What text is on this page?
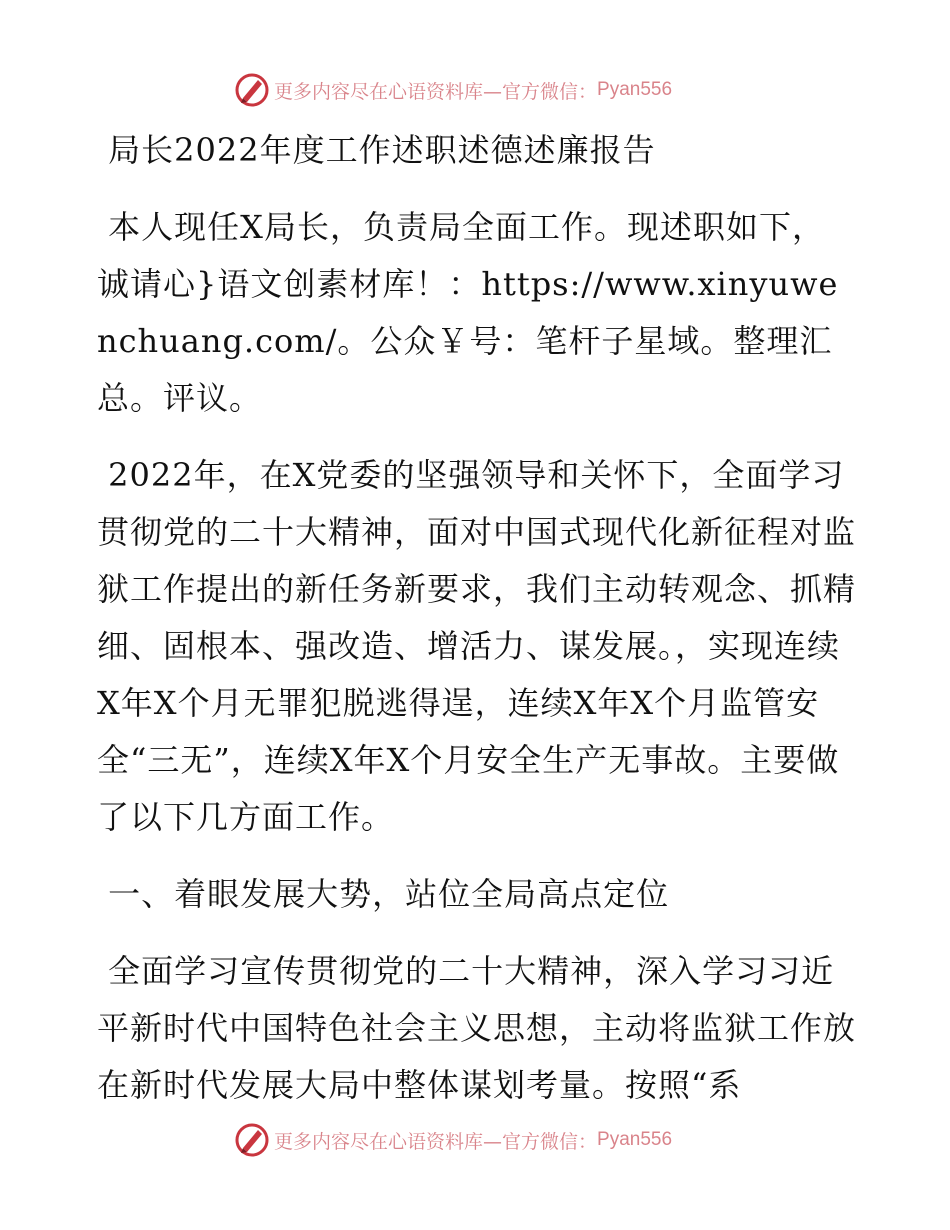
更多内容尽在心语资料库—官方微信： Pyan556

局长2022年度工作述职述德述廉报告

本人现任X局长，负责局全面工作。现述职如下，诚请心}语文创素材库！：https://www.xinyuwenchuang.com/。公众￥号：笔杆子星域。整理汇总。评议。

2022年，在X党委的坚强领导和关怀下，全面学习贯彻党的二十大精神，面对中国式现代化新征程对监狱工作提出的新任务新要求，我们主动转观念、抓精细、固根本、强改造、增活力、谋发展。，实现连续X年X个月无罪犯脱逃得逞，连续X年X个月监管安全“三无”，连续X年X个月安全生产无事故。主要做了以下几方面工作。

一、着眼发展大势，站位全局高点定位

全面学习宣传贯彻党的二十大精神，深入学习习近平新时代中国特色社会主义思想，主动将监狱工作放在新时代发展大局中整体谋划考量。按照“系

更多内容尽在心语资料库—官方微信： Pyan556
